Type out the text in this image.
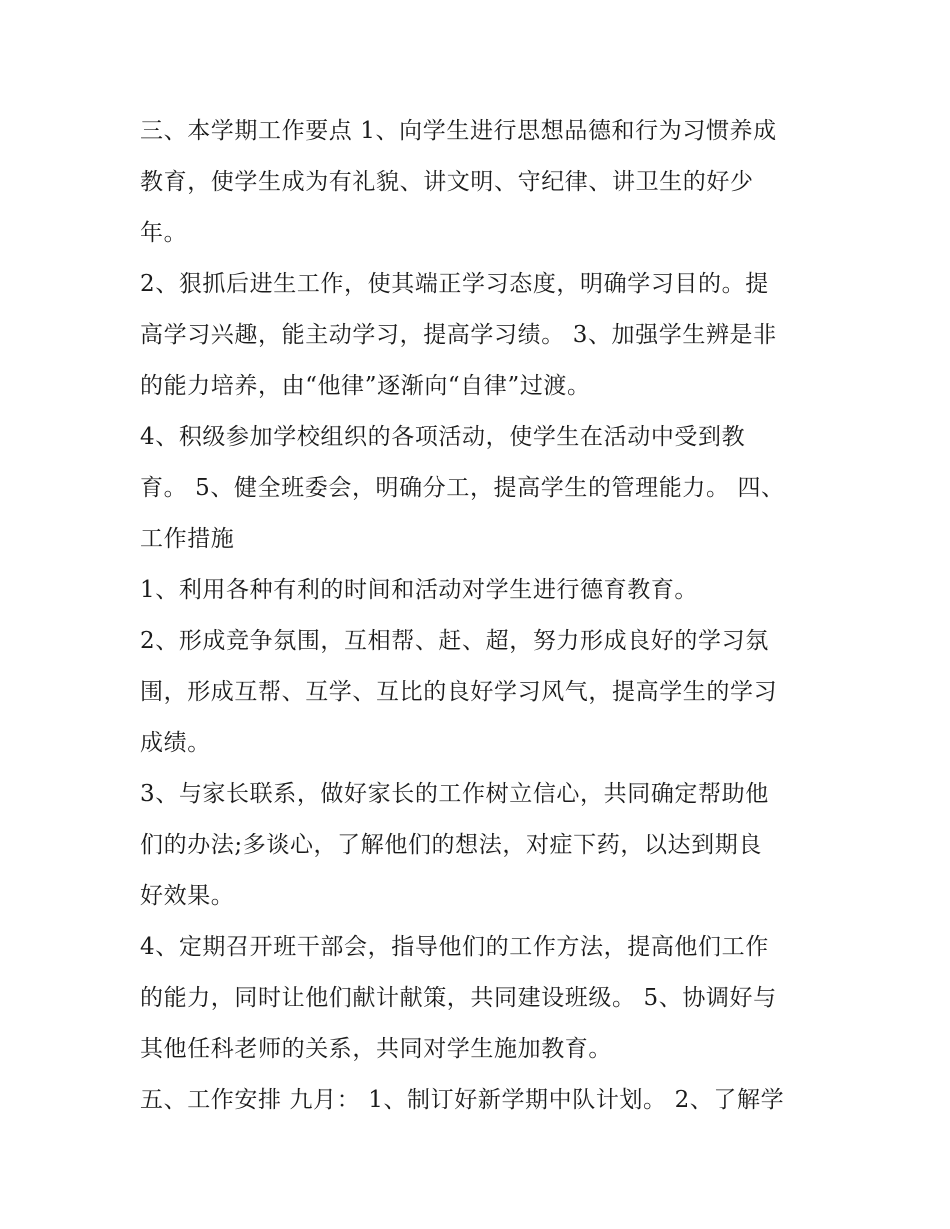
三、本学期工作要点 1、向学生进行思想品德和行为习惯养成
教育，使学生成为有礼貌、讲文明、守纪律、讲卫生的好少
年。
2、狠抓后进生工作，使其端正学习态度，明确学习目的。提
高学习兴趣，能主动学习，提高学习绩。 3、加强学生辨是非
的能力培养，由“他律”逐渐向“自律”过渡。
4、积级参加学校组织的各项活动，使学生在活动中受到教
育。 5、健全班委会，明确分工，提高学生的管理能力。 四、
工作措施
1、利用各种有利的时间和活动对学生进行德育教育。
2、形成竞争氛围，互相帮、赶、超，努力形成良好的学习氛
围，形成互帮、互学、互比的良好学习风气，提高学生的学习
成绩。
3、与家长联系，做好家长的工作树立信心，共同确定帮助他
们的办法;多谈心，了解他们的想法，对症下药，以达到期良
好效果。
4、定期召开班干部会，指导他们的工作方法，提高他们工作
的能力，同时让他们献计献策，共同建设班级。 5、协调好与
其他任科老师的关系，共同对学生施加教育。
五、工作安排 九月： 1、制订好新学期中队计划。 2、了解学
